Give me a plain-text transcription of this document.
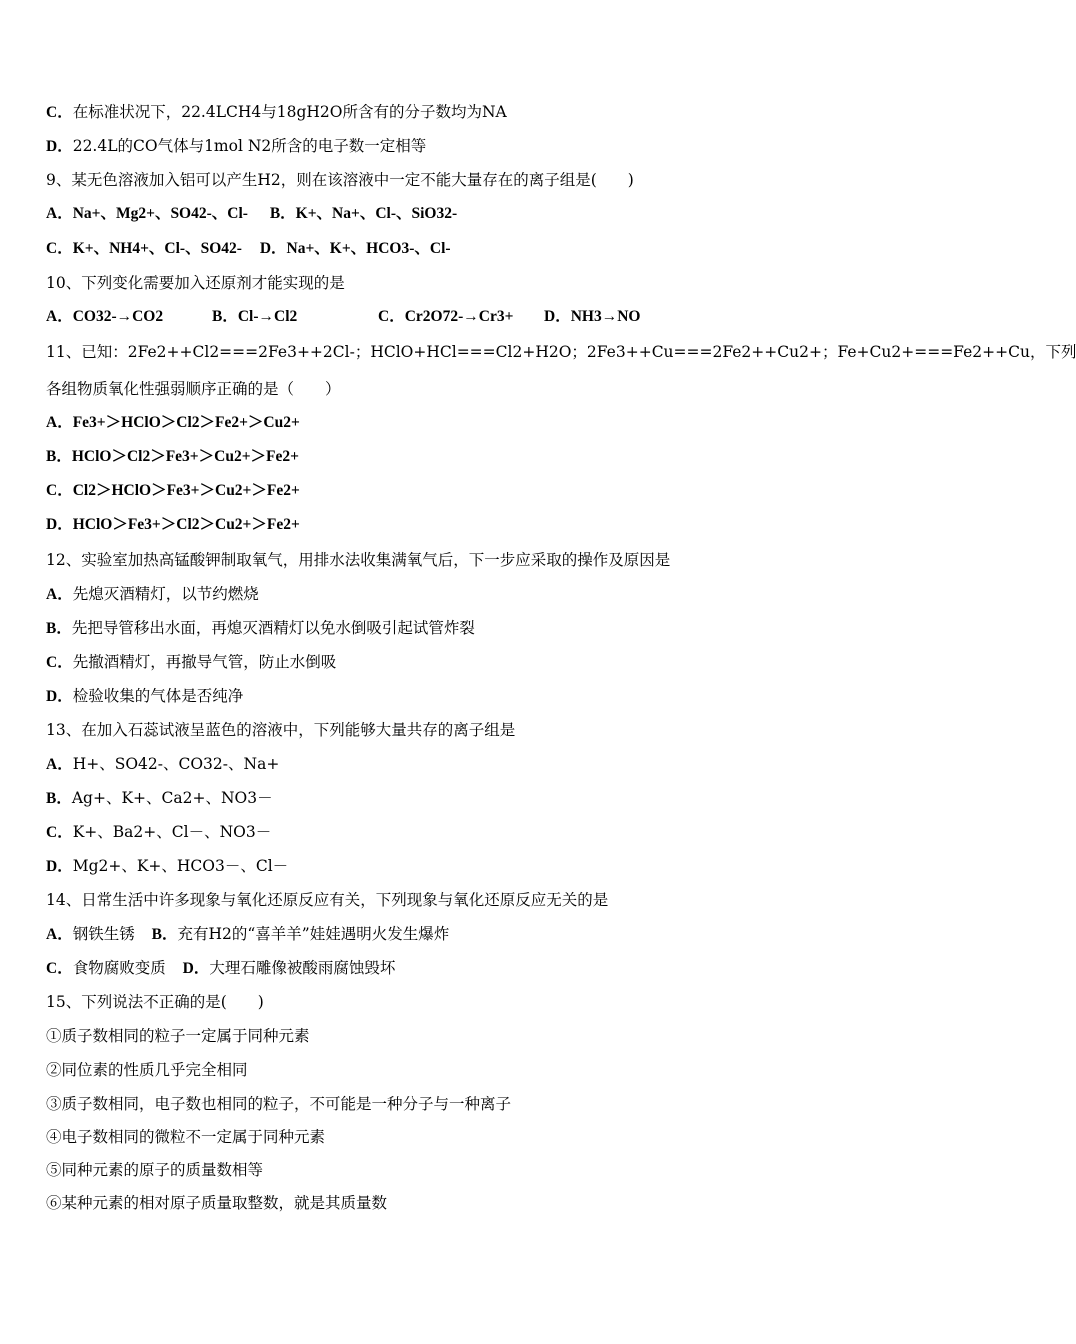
C．在标准状况下，22.4LCH4与18gH2O所含有的分子数均为NA
D．22.4L的CO气体与1mol N2所含的电子数一定相等
9、某无色溶液加入铝可以产生H2，则在该溶液中一定不能大量存在的离子组是(　　)
A．Na+、Mg2+、SO42-、Cl- B．K+、Na+、Cl-、SiO32-
C．K+、NH4+、Cl-、SO42- D．Na+、K+、HCO3-、Cl-
10、下列变化需要加入还原剂才能实现的是
A．CO32-→CO2	B．Cl-→Cl2	C．Cr2O72-→Cr3+ D．NH3→NO
11、已知：2Fe2++Cl2===2Fe3++2Cl-；HClO+HCl===Cl2+H2O；2Fe3++Cu===2Fe2++Cu2+；Fe+Cu2+===Fe2++Cu，下列
各组物质氧化性强弱顺序正确的是（　　）
A．Fe3+＞HClO＞Cl2＞Fe2+＞Cu2+
B．HClO＞Cl2＞Fe3+＞Cu2+＞Fe2+
C．Cl2＞HClO＞Fe3+＞Cu2+＞Fe2+
D．HClO＞Fe3+＞Cl2＞Cu2+＞Fe2+
12、实验室加热高锰酸钾制取氧气，用排水法收集满氧气后，下一步应采取的操作及原因是
A．先熄灭酒精灯，以节约燃烧
B．先把导管移出水面，再熄灭酒精灯以免水倒吸引起试管炸裂
C．先撤酒精灯，再撤导气管，防止水倒吸
D．检验收集的气体是否纯净
13、在加入石蕊试液呈蓝色的溶液中，下列能够大量共存的离子组是
A．H+、SO42-、CO32-、Na+
B．Ag+、K+、Ca2+、NO3－
C．K+、Ba2+、Cl－、NO3－
D．Mg2+、K+、HCO3－、Cl－
14、日常生活中许多现象与氧化还原反应有关，下列现象与氧化还原反应无关的是
A．钢铁生锈 B．充有H2的“喜羊羊”娃娃遇明火发生爆炸
C．食物腐败变质 D．大理石雕像被酸雨腐蚀毁坏
15、下列说法不正确的是(　　)
①质子数相同的粒子一定属于同种元素
②同位素的性质几乎完全相同
③质子数相同，电子数也相同的粒子，不可能是一种分子与一种离子
④电子数相同的微粒不一定属于同种元素
⑤同种元素的原子的质量数相等
⑥某种元素的相对原子质量取整数，就是其质量数
